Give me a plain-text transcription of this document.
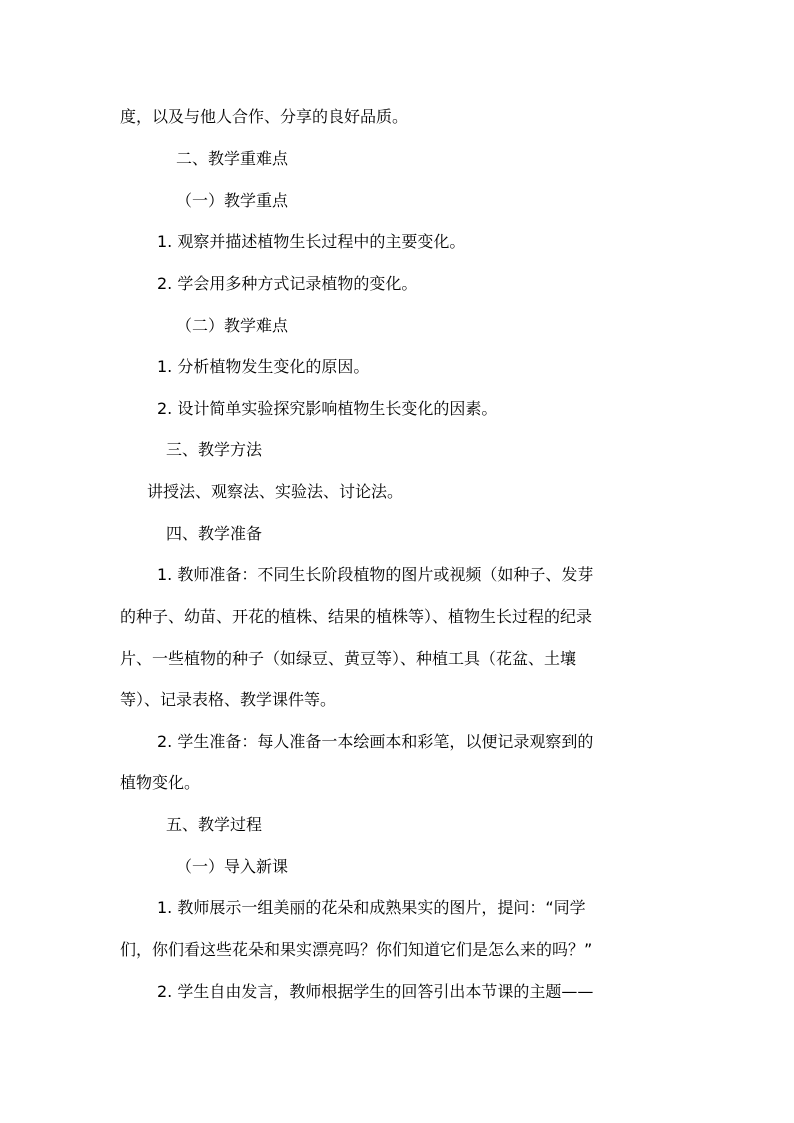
度，以及与他人合作、分享的良好品质。
二、教学重难点
（一）教学重点
1. 观察并描述植物生长过程中的主要变化。
2. 学会用多种方式记录植物的变化。
（二）教学难点
1. 分析植物发生变化的原因。
2. 设计简单实验探究影响植物生长变化的因素。
三、教学方法
讲授法、观察法、实验法、讨论法。
四、教学准备
1. 教师准备：不同生长阶段植物的图片或视频（如种子、发芽
的种子、幼苗、开花的植株、结果的植株等）、植物生长过程的纪录
片、一些植物的种子（如绿豆、黄豆等）、种植工具（花盆、土壤
等）、记录表格、教学课件等。
2. 学生准备：每人准备一本绘画本和彩笔，以便记录观察到的
植物变化。
五、教学过程
（一）导入新课
1. 教师展示一组美丽的花朵和成熟果实的图片，提问：“同学
们，你们看这些花朵和果实漂亮吗？你们知道它们是怎么来的吗？”
2. 学生自由发言，教师根据学生的回答引出本节课的主题——
